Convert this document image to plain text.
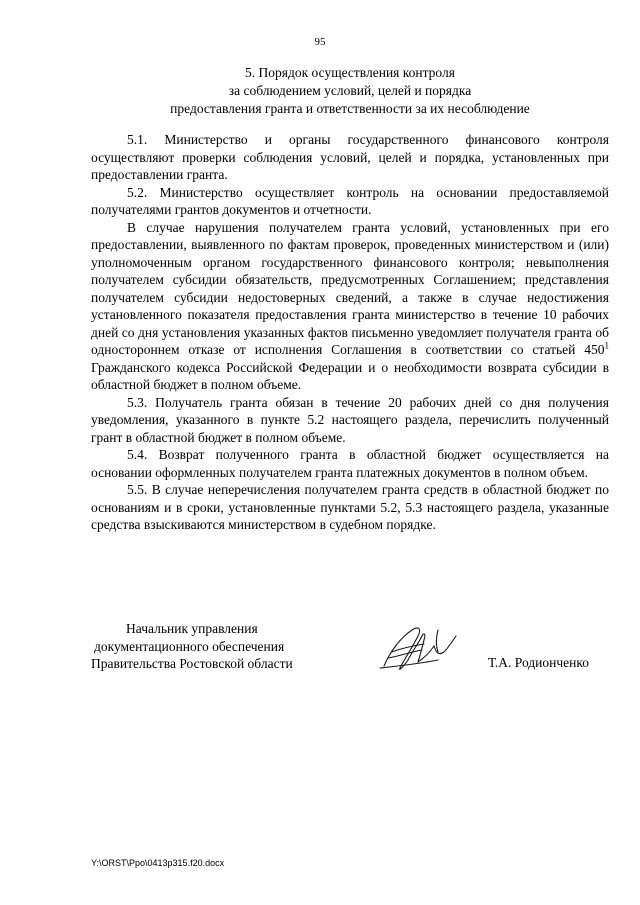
95
5. Порядок осуществления контроля
за соблюдением условий, целей и порядка
предоставления гранта и ответственности за их несоблюдение

5.1. Министерство и органы государственного финансового контроля осуществляют проверки соблюдения условий, целей и порядка, установленных при предоставлении гранта.

5.2. Министерство осуществляет контроль на основании предоставляемой получателями грантов документов и отчетности.

В случае нарушения получателем гранта условий, установленных при его предоставлении, выявленного по фактам проверок, проведенных министерством и (или) уполномоченным органом государственного финансового контроля; невыполнения получателем субсидии обязательств, предусмотренных Соглашением; представления получателем субсидии недостоверных сведений, а также в случае недостижения установленного показателя предоставления гранта министерство в течение 10 рабочих дней со дня установления указанных фактов письменно уведомляет получателя гранта об одностороннем отказе от исполнения Соглашения в соответствии со статьей $450^1$ Гражданского кодекса Российской Федерации и о необходимости возврата субсидии в областной бюджет в полном объеме.

5.3. Получатель гранта обязан в течение 20 рабочих дней со дня получения уведомления, указанного в пункте 5.2 настоящего раздела, перечислить полученный грант в областной бюджет в полном объеме.

5.4. Возврат полученного гранта в областной бюджет осуществляется на основании оформленных получателем гранта платежных документов в полном объем.

5.5. В случае неперечисления получателем гранта средств в областной бюджет по основаниям и в сроки, установленные пунктами 5.2, 5.3 настоящего раздела, указанные средства взыскиваются министерством в судебном порядке.

Начальник управления
документационного обеспечения
Правительства Ростовской области	Т.А. Родионченко
Y:\ORST\Ppo\0413p315.f20.docx
